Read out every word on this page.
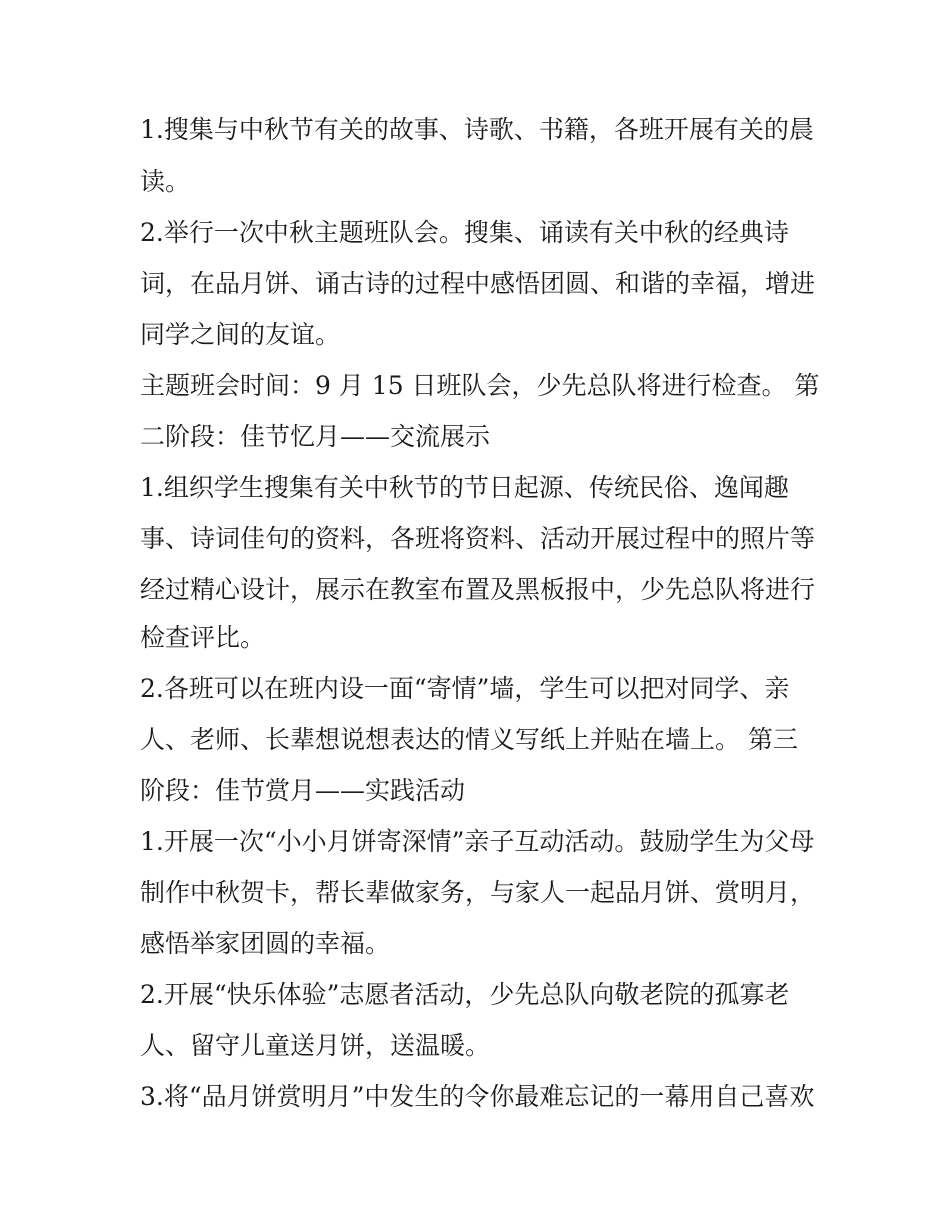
1.搜集与中秋节有关的故事、诗歌、书籍，各班开展有关的晨
读。
2.举行一次中秋主题班队会。搜集、诵读有关中秋的经典诗
词，在品月饼、诵古诗的过程中感悟团圆、和谐的幸福，增进
同学之间的友谊。
主题班会时间：9 月 15 日班队会，少先总队将进行检查。 第
二阶段：佳节忆月——交流展示
1.组织学生搜集有关中秋节的节日起源、传统民俗、逸闻趣
事、诗词佳句的资料，各班将资料、活动开展过程中的照片等
经过精心设计，展示在教室布置及黑板报中，少先总队将进行
检查评比。
2.各班可以在班内设一面“寄情”墙，学生可以把对同学、亲
人、老师、长辈想说想表达的情义写纸上并贴在墙上。 第三
阶段：佳节赏月——实践活动
1.开展一次“小小月饼寄深情”亲子互动活动。鼓励学生为父母
制作中秋贺卡，帮长辈做家务，与家人一起品月饼、赏明月，
感悟举家团圆的幸福。
2.开展“快乐体验”志愿者活动，少先总队向敬老院的孤寡老
人、留守儿童送月饼，送温暖。
3.将“品月饼赏明月”中发生的令你最难忘记的一幕用自己喜欢
